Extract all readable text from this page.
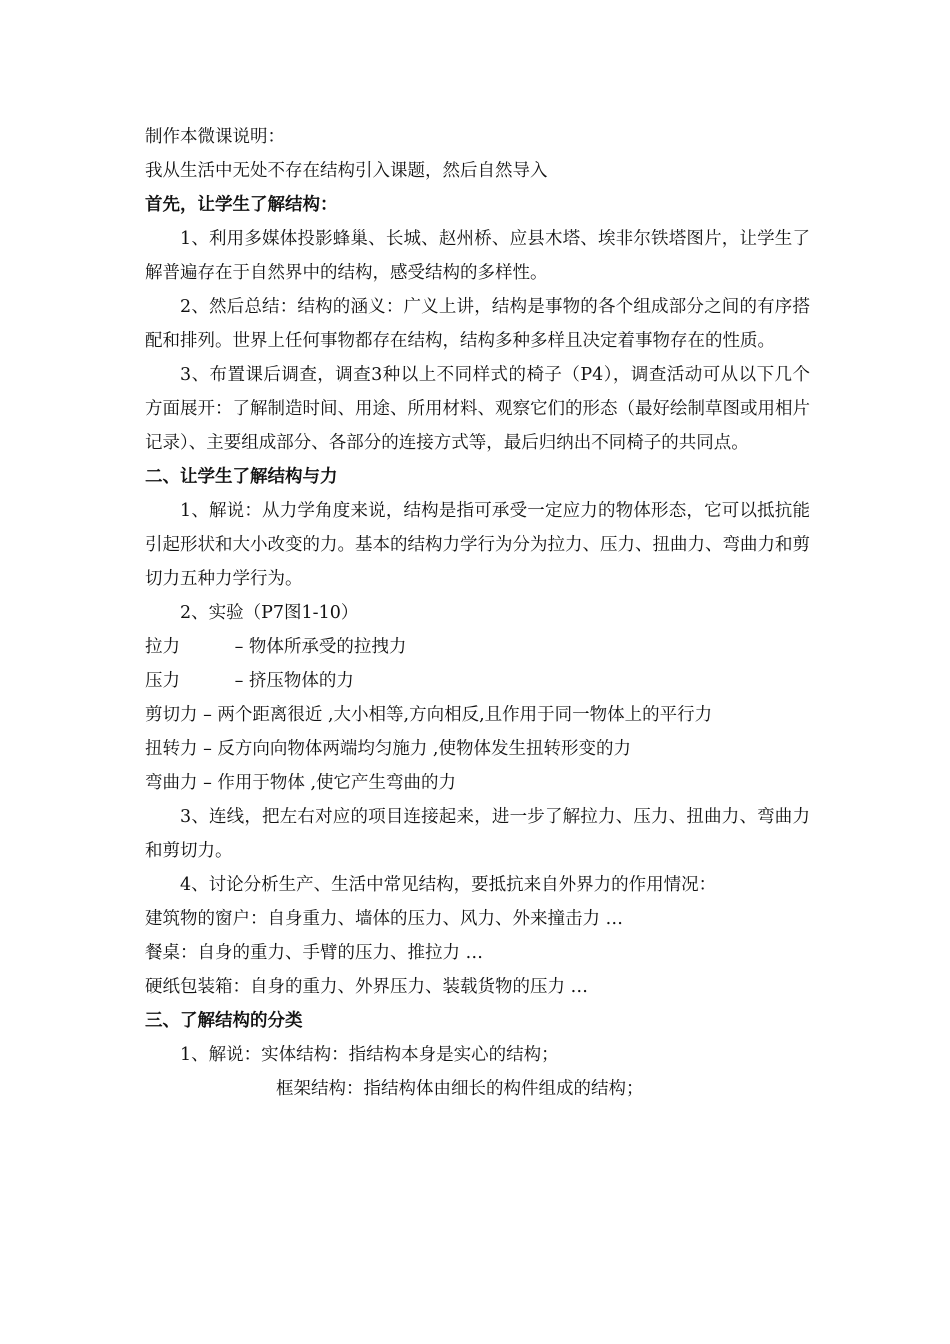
制作本微课说明：

我从生活中无处不存在结构引入课题，然后自然导入

首先，让学生了解结构：

1、利用多媒体投影蜂巢、长城、赵州桥、应县木塔、埃非尔铁塔图片，让学生了解普遍存在于自然界中的结构，感受结构的多样性。

2、然后总结：结构的涵义：广义上讲，结构是事物的各个组成部分之间的有序搭配和排列。世界上任何事物都存在结构，结构多种多样且决定着事物存在的性质。

3、布置课后调查，调查3种以上不同样式的椅子（P4），调查活动可从以下几个方面展开：了解制造时间、用途、所用材料、观察它们的形态（最好绘制草图或用相片记录）、主要组成部分、各部分的连接方式等，最后归纳出不同椅子的共同点。

二、让学生了解结构与力

1、解说：从力学角度来说，结构是指可承受一定应力的物体形态，它可以抵抗能引起形状和大小改变的力。基本的结构力学行为分为拉力、压力、扭曲力、弯曲力和剪切力五种力学行为。

2、实验（P7图1-10）

拉力	– 物体所承受的拉拽力

压力	– 挤压物体的力

剪切力 – 两个距离很近 ,大小相等,方向相反,且作用于同一物体上的平行力

扭转力 – 反方向向物体两端均匀施力 ,使物体发生扭转形变的力

弯曲力 – 作用于物体 ,使它产生弯曲的力

3、连线，把左右对应的项目连接起来，进一步了解拉力、压力、扭曲力、弯曲力和剪切力。

4、讨论分析生产、生活中常见结构，要抵抗来自外界力的作用情况：

建筑物的窗户：自身重力、墙体的压力、风力、外来撞击力 …

餐桌：自身的重力、手臂的压力、推拉力 …

硬纸包装箱：自身的重力、外界压力、装载货物的压力 …

三、了解结构的分类

1、解说：实体结构：指结构本身是实心的结构；

框架结构：指结构体由细长的构件组成的结构；
